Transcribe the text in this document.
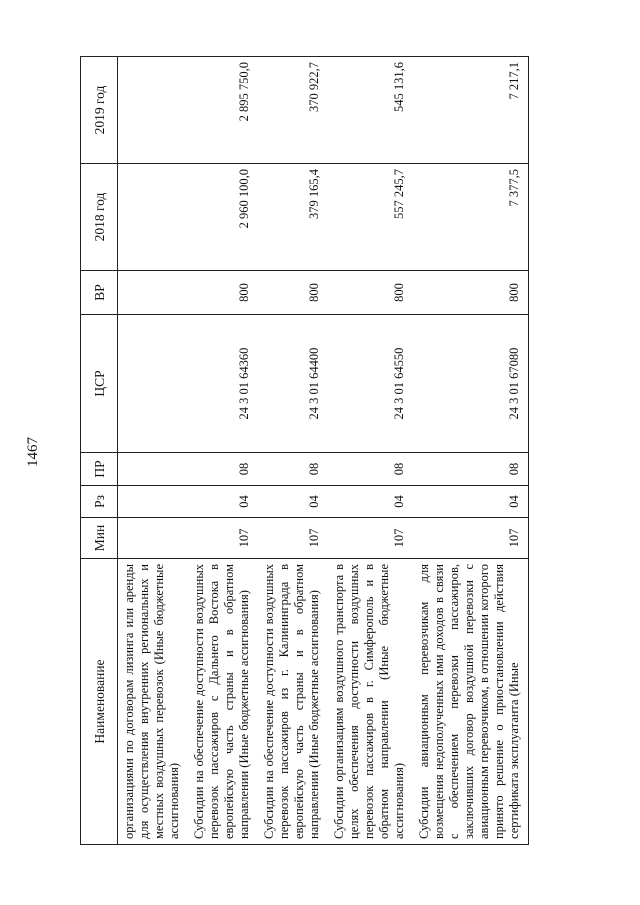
1467
Наименование	Мин	Рз	ПР	ЦСР	ВР	2018 год	2019 год
организациями по договорам лизинга или аренды для осуществления внутренних региональных и местных воздушных перевозок (Иные бюджетные ассигнования)							
Субсидии на обеспечение доступности воздушных перевозок пассажиров с Дальнего Востока в европейскую часть страны и в обратном направлении (Иные бюджетные ассигнования)	107	04	08	24 3 01 64360	800	2 960 100,0	2 895 750,0
Субсидии на обеспечение доступности воздушных перевозок пассажиров из г. Калининграда в европейскую часть страны и в обратном направлении (Иные бюджетные ассигнования)	107	04	08	24 3 01 64400	800	379 165,4	370 922,7
Субсидии организациям воздушного транспорта в целях обеспечения доступности воздушных перевозок пассажиров в г. Симферополь и в обратном направлении (Иные бюджетные ассигнования)	107	04	08	24 3 01 64550	800	557 245,7	545 131,6
Субсидии авиационным перевозчикам для возмещения недополученных ими доходов в связи с обеспечением перевозки пассажиров, заключивших договор воздушной перевозки с авиационным перевозчиком, в отношении которого принято решение о приостановлении действия сертификата эксплуатанта (Иные	107	04	08	24 3 01 67080	800	7 377,5	7 217,1
